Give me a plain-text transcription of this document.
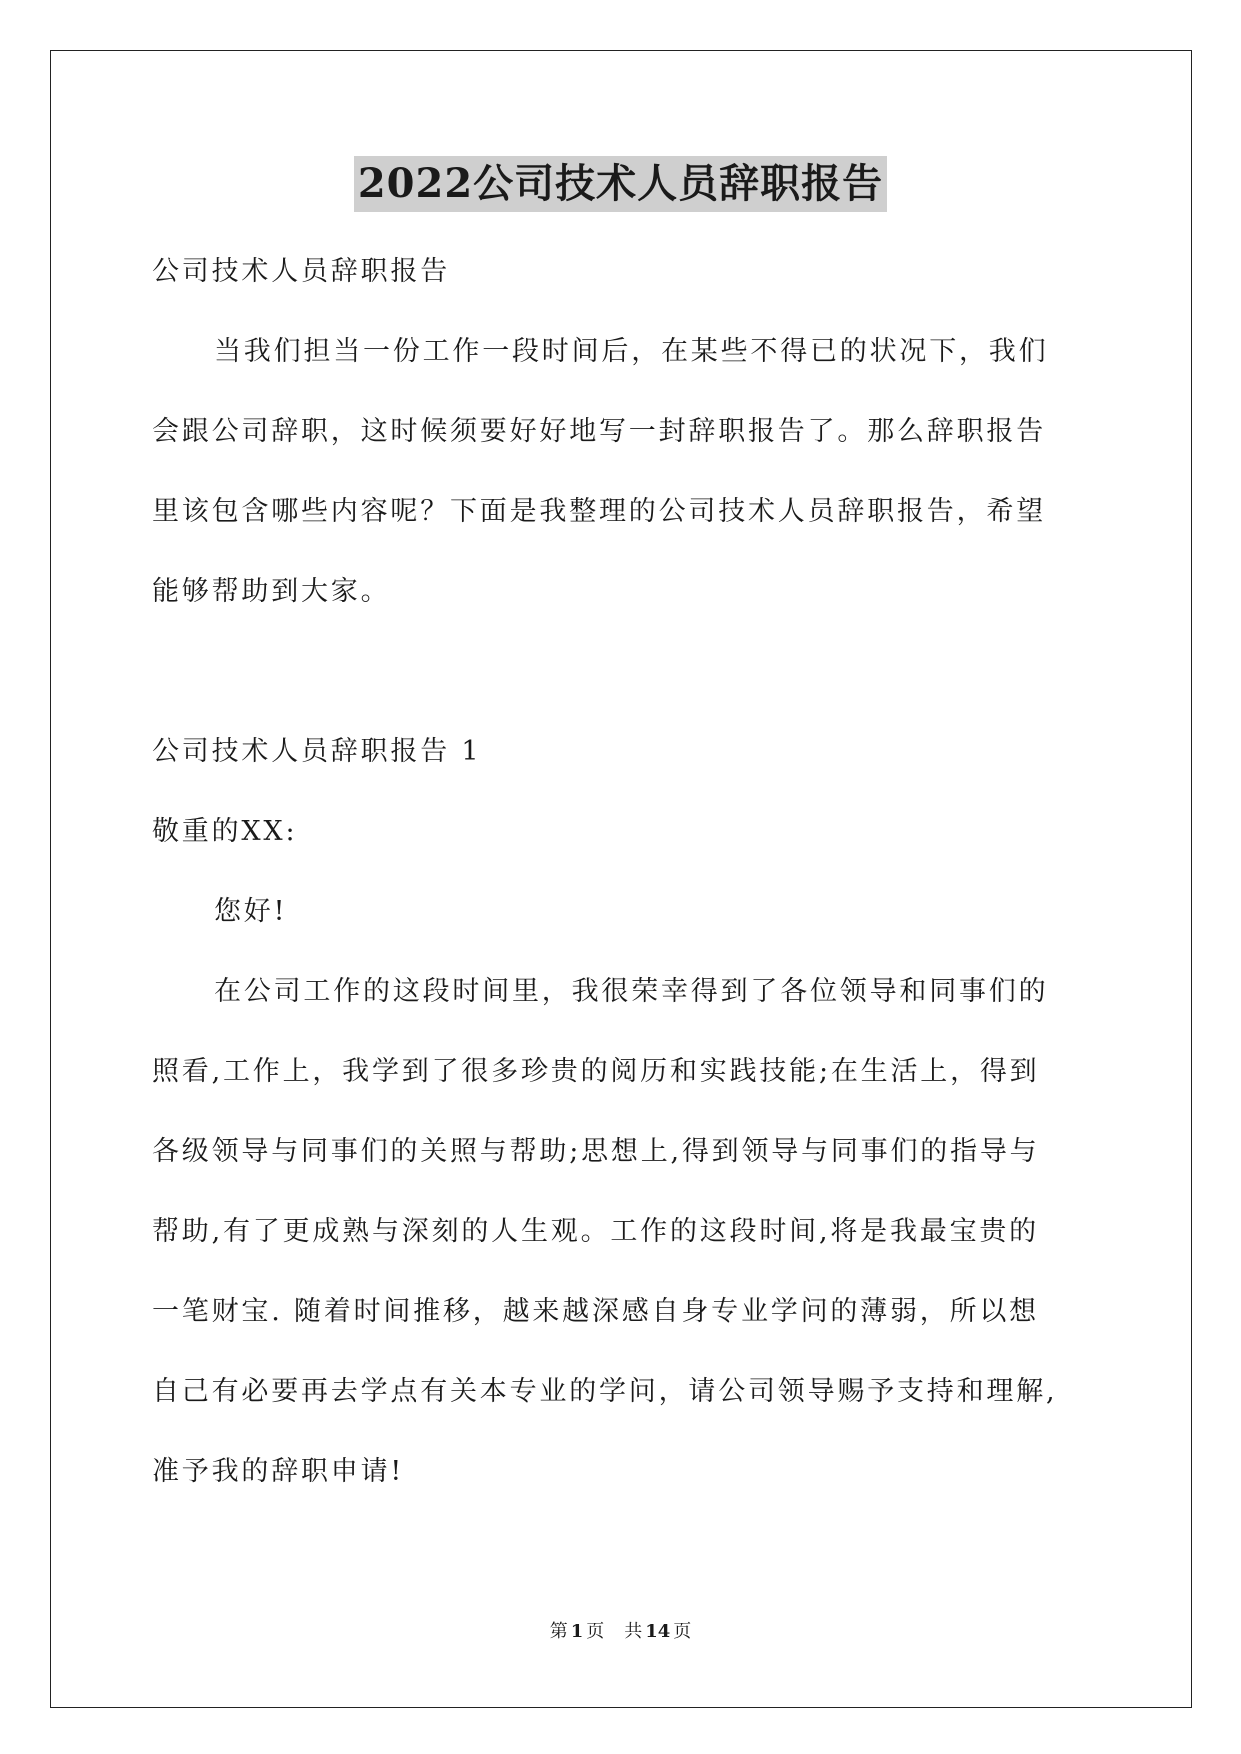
2022公司技术人员辞职报告
公司技术人员辞职报告
当我们担当一份工作一段时间后，在某些不得已的状况下，我们
会跟公司辞职，这时候须要好好地写一封辞职报告了。那么辞职报告
里该包含哪些内容呢？下面是我整理的公司技术人员辞职报告，希望
能够帮助到大家。
公司技术人员辞职报告 1
敬重的XX:
您好!
在公司工作的这段时间里，我很荣幸得到了各位领导和同事们的
照看,工作上，我学到了很多珍贵的阅历和实践技能;在生活上，得到
各级领导与同事们的关照与帮助;思想上,得到领导与同事们的指导与
帮助,有了更成熟与深刻的人生观。工作的这段时间,将是我最宝贵的
一笔财宝. 随着时间推移，越来越深感自身专业学问的薄弱，所以想
自己有必要再去学点有关本专业的学问，请公司领导赐予支持和理解,
准予我的辞职申请!
第 1 页 共 14 页
